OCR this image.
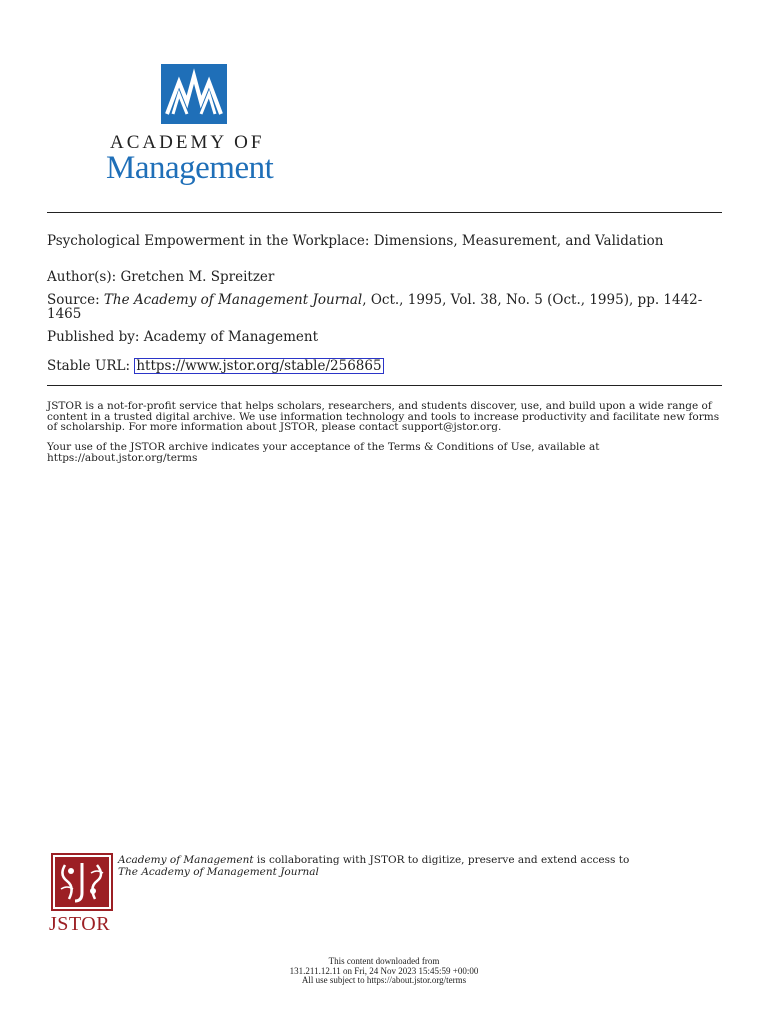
ACADEMY OF
Management

Psychological Empowerment in the Workplace: Dimensions, Measurement, and Validation

Author(s): Gretchen M. Spreitzer

Source: The Academy of Management Journal, Oct., 1995, Vol. 38, No. 5 (Oct., 1995), pp. 1442-1465

Published by: Academy of Management

Stable URL: https://www.jstor.org/stable/256865

JSTOR is a not-for-profit service that helps scholars, researchers, and students discover, use, and build upon a wide range of content in a trusted digital archive. We use information technology and tools to increase productivity and facilitate new forms of scholarship. For more information about JSTOR, please contact support@jstor.org.
Your use of the JSTOR archive indicates your acceptance of the Terms & Conditions of Use, available at https://about.jstor.org/terms
JSTOR

Academy of Management is collaborating with JSTOR to digitize, preserve and extend access to

The Academy of Management Journal

This content downloaded from
131.211.12.11 on Fri, 24 Nov 2023 15:45:59 +00:00
All use subject to https://about.jstor.org/terms
